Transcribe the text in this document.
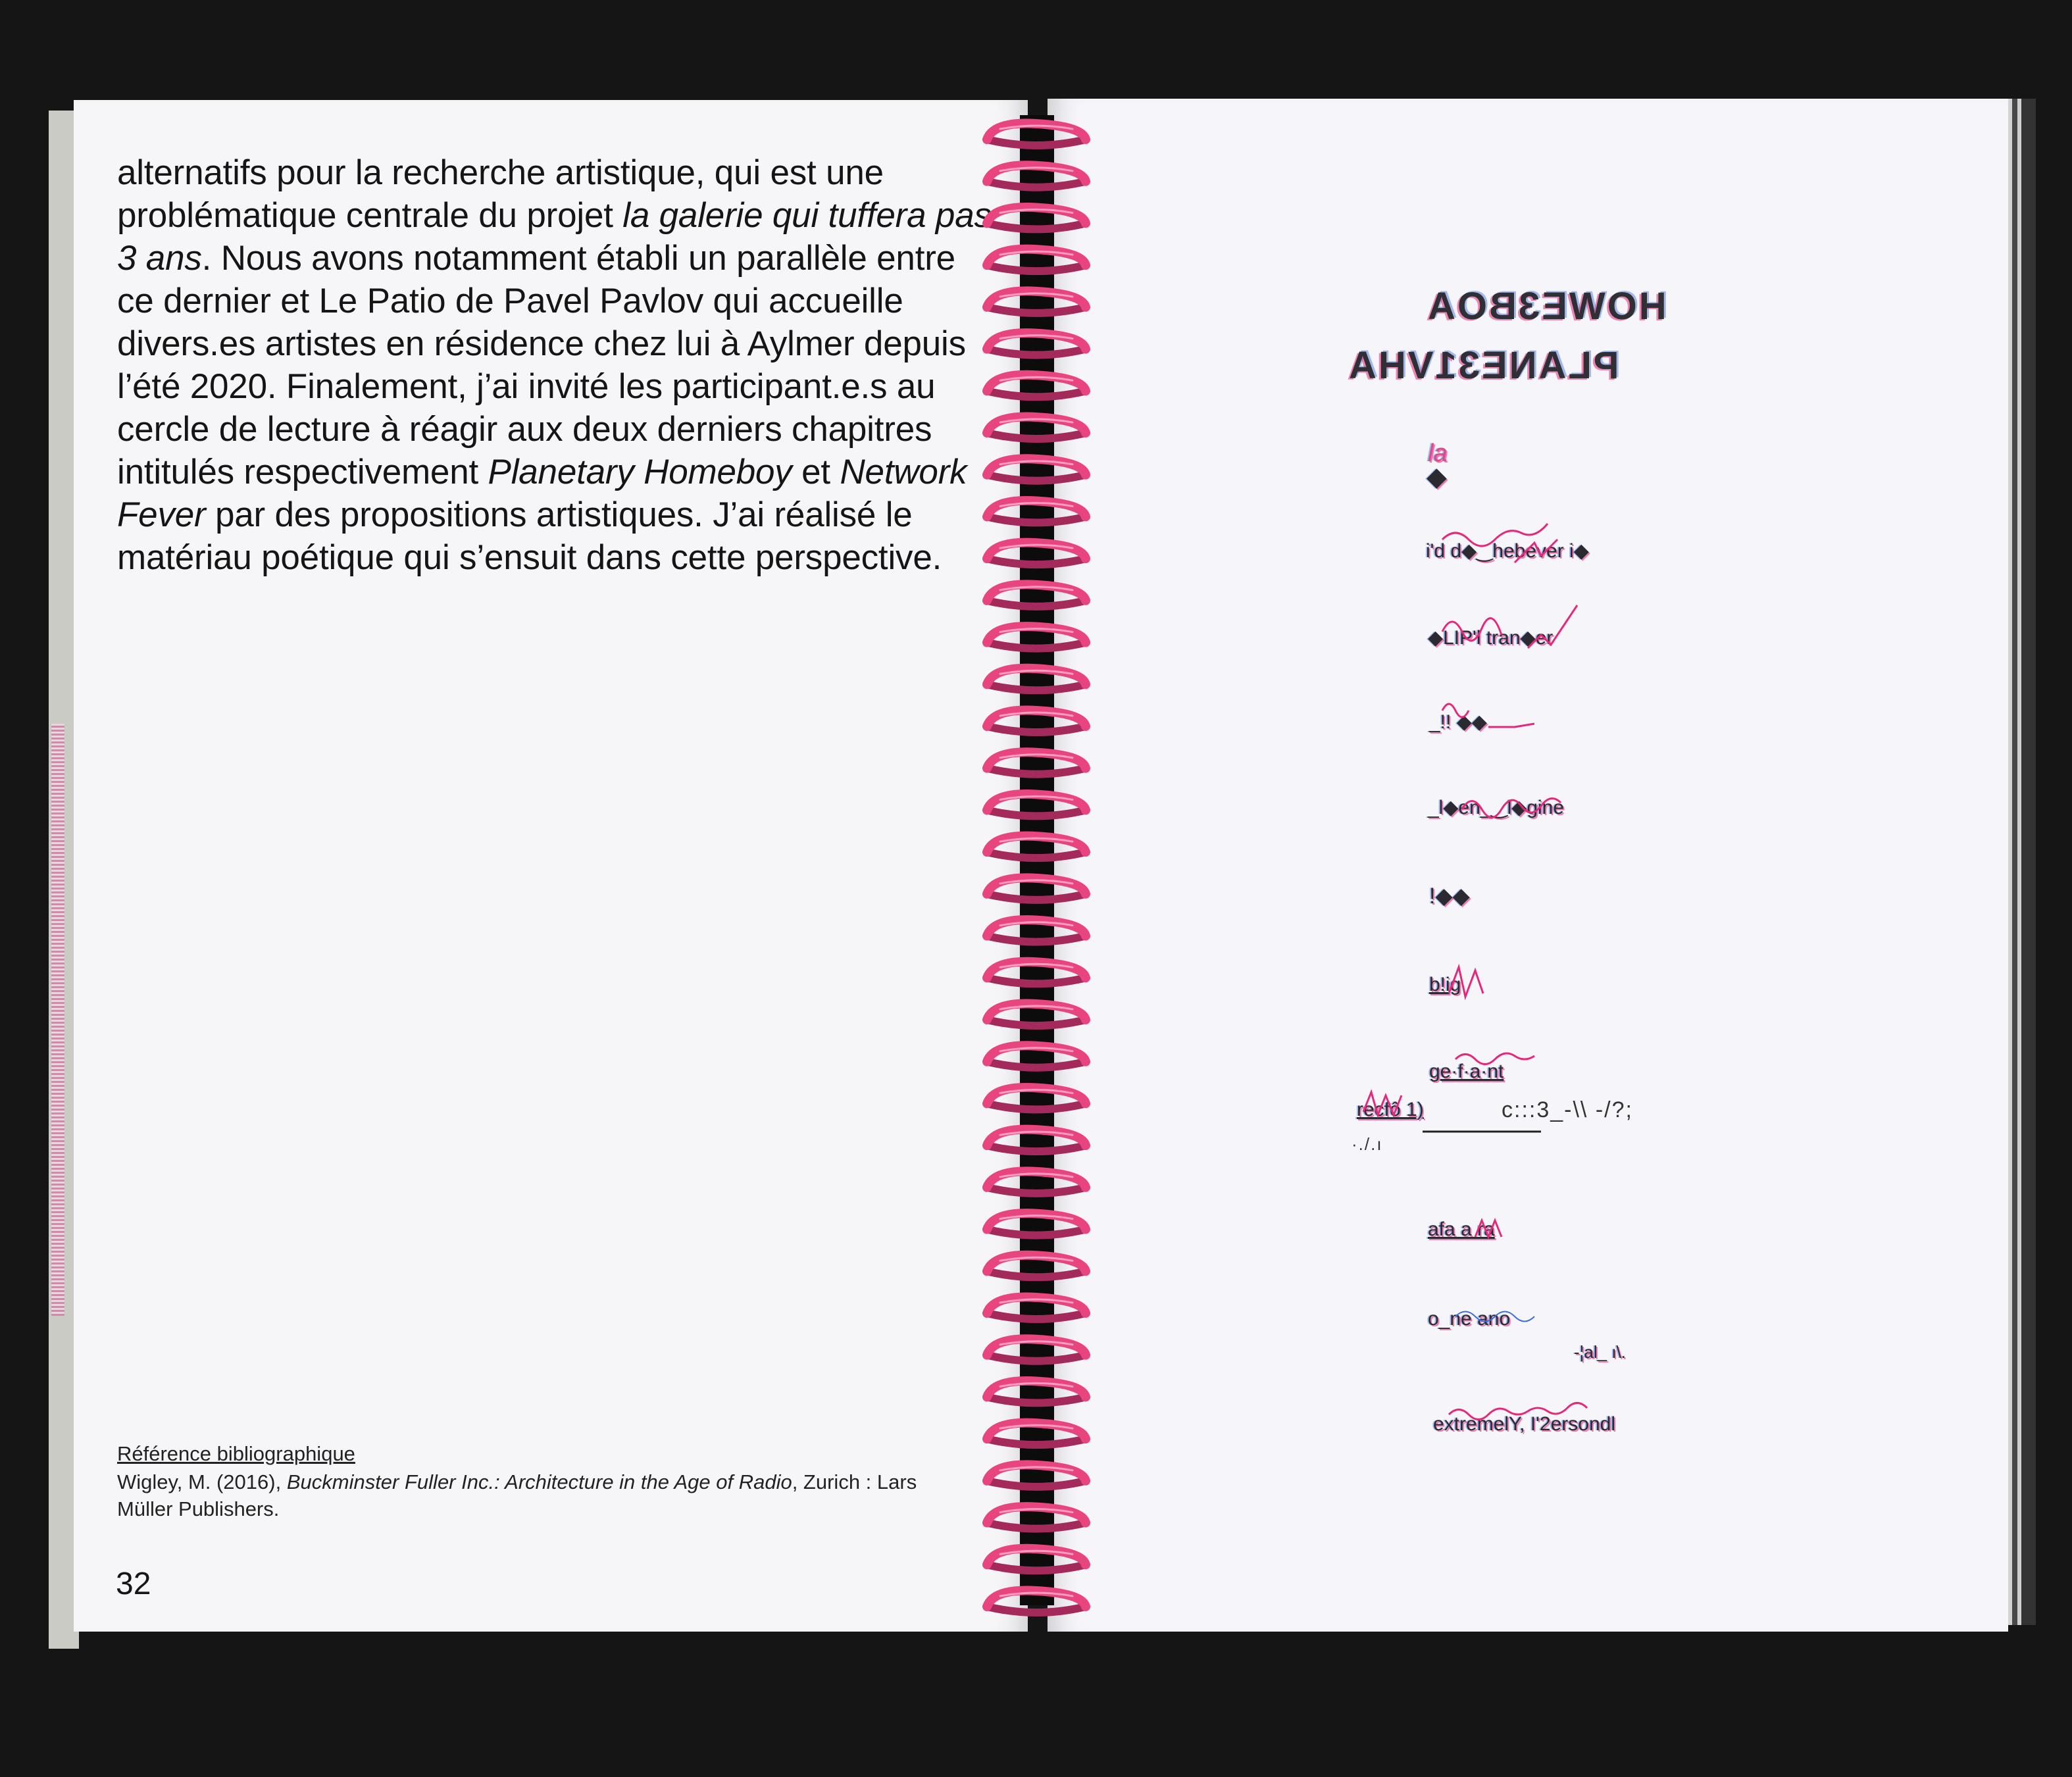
alternatifs pour la recherche artistique, qui est une problématique centrale du projet la galerie qui tuffera pas 3 ans. Nous avons notamment établi un parallèle entre ce dernier et Le Patio de Pavel Pavlov qui accueille divers.es artistes en résidence chez lui à Aylmer depuis l’été 2020. Finalement, j’ai invité les participant.e.s au cercle de lecture à réagir aux deux derniers chapitres intitulés respectivement Planetary Homeboy et Network Fever par des propositions artistiques. J’ai réalisé le matériau poétique qui s’ensuit dans cette perspective.

Référence bibliographique
Wigley, M. (2016), Buckminster Fuller Inc.: Architecture in the Age of Radio, Zurich : Lars Müller Publishers.
32
HOWE3BOA
PLANE31VHA
la
◆
i'd d◆‿hebever i◆
◆LIP'l tran◆er
_!! ◆◆
_l◆en_‿l◆gine
!◆◆
b!ig
ge·f·a·nt
recfô 1)	c:::3_-\\ -/?;
·./.ı
afa a ra
o_ne ano
-¦al_ ı\.
extremelY, I'2ersondl
